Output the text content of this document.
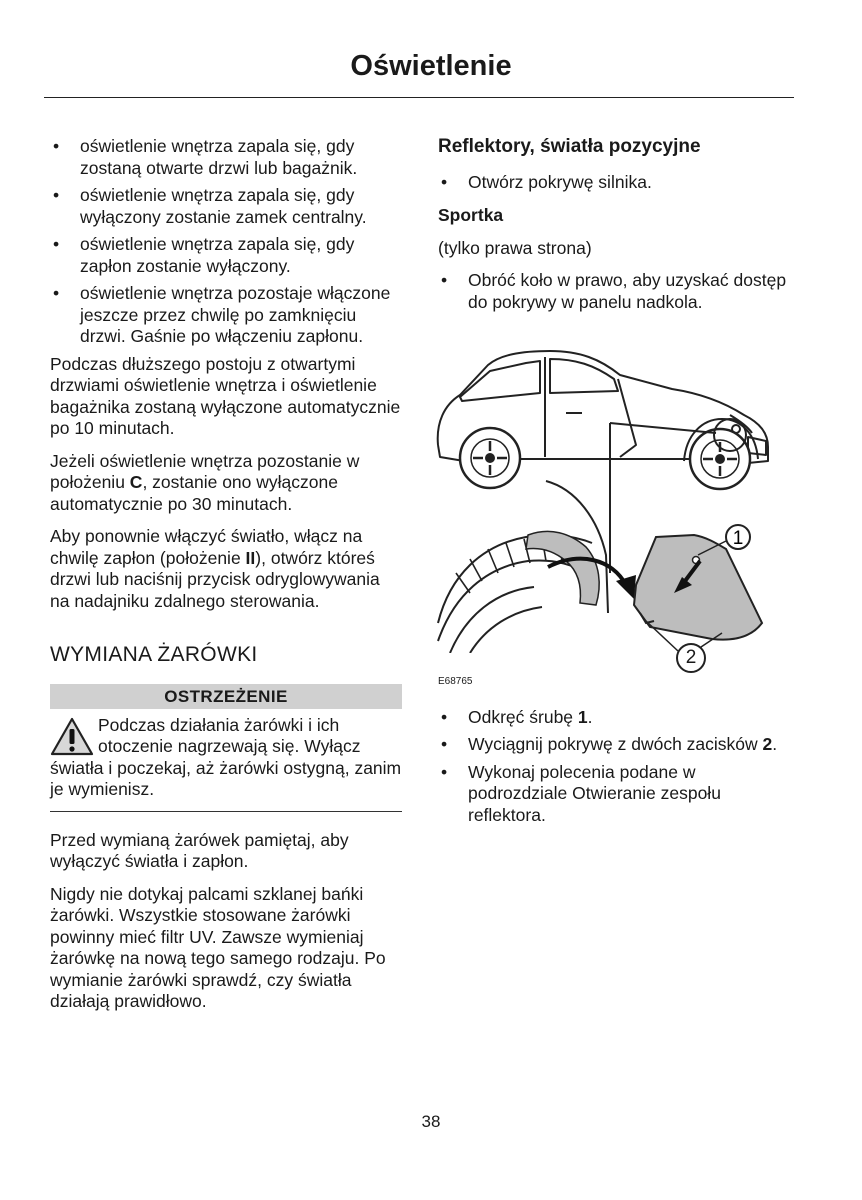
Oświetlenie
• oświetlenie wnętrza zapala się, gdy zostaną otwarte drzwi lub bagażnik.
• oświetlenie wnętrza zapala się, gdy wyłączony zostanie zamek centralny.
• oświetlenie wnętrza zapala się, gdy zapłon zostanie wyłączony.
• oświetlenie wnętrza pozostaje włączone jeszcze przez chwilę po zamknięciu drzwi. Gaśnie po włączeniu zapłonu.

Podczas dłuższego postoju z otwartymi drzwiami oświetlenie wnętrza i oświetlenie bagażnika zostaną wyłączone automatycznie po 10 minutach.

Jeżeli oświetlenie wnętrza pozostanie w położeniu C, zostanie ono wyłączone automatycznie po 30 minutach.

Aby ponownie włączyć światło, włącz na chwilę zapłon (położenie II), otwórz któreś drzwi lub naciśnij przycisk odryglowywania na nadajniku zdalnego sterowania.

WYMIANA ŻARÓWKI
OSTRZEŻENIE
Podczas działania żarówki i ich otoczenie nagrzewają się. Wyłącz światła i poczekaj, aż żarówki ostygną, zanim je wymienisz.

Przed wymianą żarówek pamiętaj, aby wyłączyć światła i zapłon.

Nigdy nie dotykaj palcami szklanej bańki żarówki. Wszystkie stosowane żarówki powinny mieć filtr UV. Zawsze wymieniaj żarówkę na nową tego samego rodzaju. Po wymianie żarówki sprawdź, czy światła działają prawidłowo.

Reflektory, światła pozycyjne
• Otwórz pokrywę silnika.
Sportka

(tylko prawa strona)

• Obróć koło w prawo, aby uzyskać dostęp do pokrywy w panelu nadkola.
1
2
E68765
• Odkręć śrubę 1.
• Wyciągnij pokrywę z dwóch zacisków 2.
• Wykonaj polecenia podane w podrozdziale Otwieranie zespołu reflektora.
38
